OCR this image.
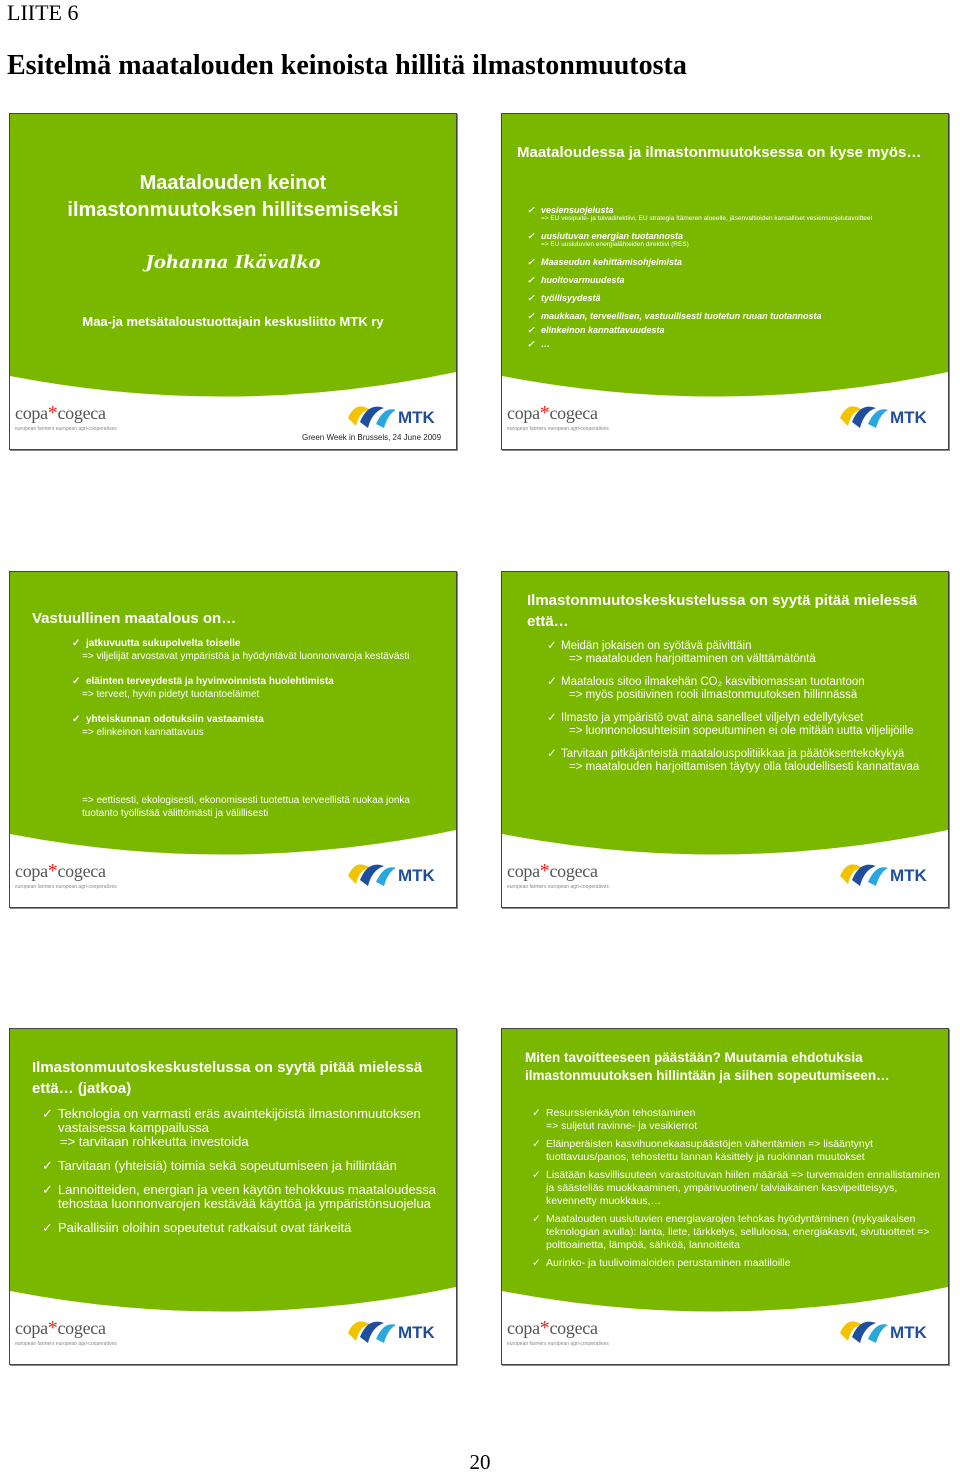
LIITE 6
Esitelmä maatalouden keinoista hillitä ilmastonmuutosta
Maatalouden keinot
ilmastonmuutoksen hillitsemiseksi
Johanna Ikävalko
Maa-ja metsätaloustuottajain keskusliitto MTK ry
copa*cogeca
european farmers european agri-cooperatives
MTK
Green Week in Brussels, 24 June 2009
Maataloudessa ja ilmastonmuutoksessa on kyse myös…
✓ vesiensuojelusta
=> EU vesipuite- ja tulvadirektiivi, EU strategia Itämeren alueelle, jäsenvaltioiden kansalliset vesiensuojelutavoitteet
✓ uusiutuvan energian tuotannosta
=> EU uusiutuvien energialähteiden direktiivi (RES)
✓ Maaseudun kehittämisohjelmista
✓ huoltovarmuudesta
✓ työllisyydestä
✓ maukkaan, terveellisen, vastuullisesti tuotetun ruuan tuotannosta
✓ elinkeinon kannattavuudesta
✓ …
copa*cogeca
european farmers european agri-cooperatives
MTK
Vastuullinen maatalous on…
✓ jatkuvuutta sukupolvelta toiselle
=> viljelijät arvostavat ympäristöä ja hyödyntävät luonnonvaroja kestävästi
✓ eläinten terveydestä ja hyvinvoinnista huolehtimista
=> terveet, hyvin pidetyt tuotantoeläimet
✓ yhteiskunnan odotuksiin vastaamista
=> elinkeinon kannattavuus
=> eettisesti, ekologisesti, ekonomisesti tuotettua terveellistä ruokaa jonka tuotanto työllistää välittömästi ja välillisesti
copa*cogeca
european farmers european agri-cooperatives
MTK
Ilmastonmuutoskeskustelussa on syytä pitää mielessä että…
✓ Meidän jokaisen on syötävä päivittäin
=> maatalouden harjoittaminen on välttämätöntä
✓ Maatalous sitoo ilmakehän CO₂ kasvibiomassan tuotantoon
=> myös positiivinen rooli ilmastonmuutoksen hillinnässä
✓ Ilmasto ja ympäristö ovat aina sanelleet viljelyn edellytykset
=> luonnonolosuhteisiin sopeutuminen ei ole mitään uutta viljelijöille
✓ Tarvitaan pitkäjänteistä maatalouspolitiikkaa ja päätöksentekokykyä
=> maatalouden harjoittamisen täytyy olla taloudellisesti kannattavaa
copa*cogeca
european farmers european agri-cooperatives
MTK
Ilmastonmuutoskeskustelussa on syytä pitää mielessä että… (jatkoa)
✓ Teknologia on varmasti eräs avaintekijöistä ilmastonmuutoksen vastaisessa kamppailussa
=> tarvitaan rohkeutta investoida
✓ Tarvitaan (yhteisiä) toimia sekä sopeutumiseen ja hillintään
✓ Lannoitteiden, energian ja veen käytön tehokkuus maataloudessa tehostaa luonnonvarojen kestävää käyttöä ja ympäristönsuojelua
✓ Paikallisiin oloihin sopeutetut ratkaisut ovat tärkeitä
copa*cogeca
european farmers european agri-cooperatives
MTK
Miten tavoitteeseen päästään? Muutamia ehdotuksia ilmastonmuutoksen hillintään ja siihen sopeutumiseen…
✓ Resurssienkäytön tehostaminen
=> suljetut ravinne- ja vesikierrot
✓ Eläinperäisten kasvihuonekaasupäästöjen vähentämien => lisääntynyt tuottavuus/panos, tehostettu lannan käsittely ja ruokinnan muutokset
✓ Lisätään kasvillisuuteen varastoituvan hiilen määrää => turvemaiden ennallistaminen ja säästeliäs muokkaaminen, ympärivuotinen/ talviaikainen kasvipeitteisyys, kevennetty muokkaus,…
✓ Maatalouden uusiutuvien energiavarojen tehokas hyödyntäminen (nykyaikaisen teknologian avulla): lanta, liete, tärkkelys, selluloosa, energiakasvit, sivutuotteet => polttoainetta, lämpöä, sähköä, lannoitteita
✓ Aurinko- ja tuulivoimaloiden perustaminen maatiloille
copa*cogeca
european farmers european agri-cooperatives
MTK
20
